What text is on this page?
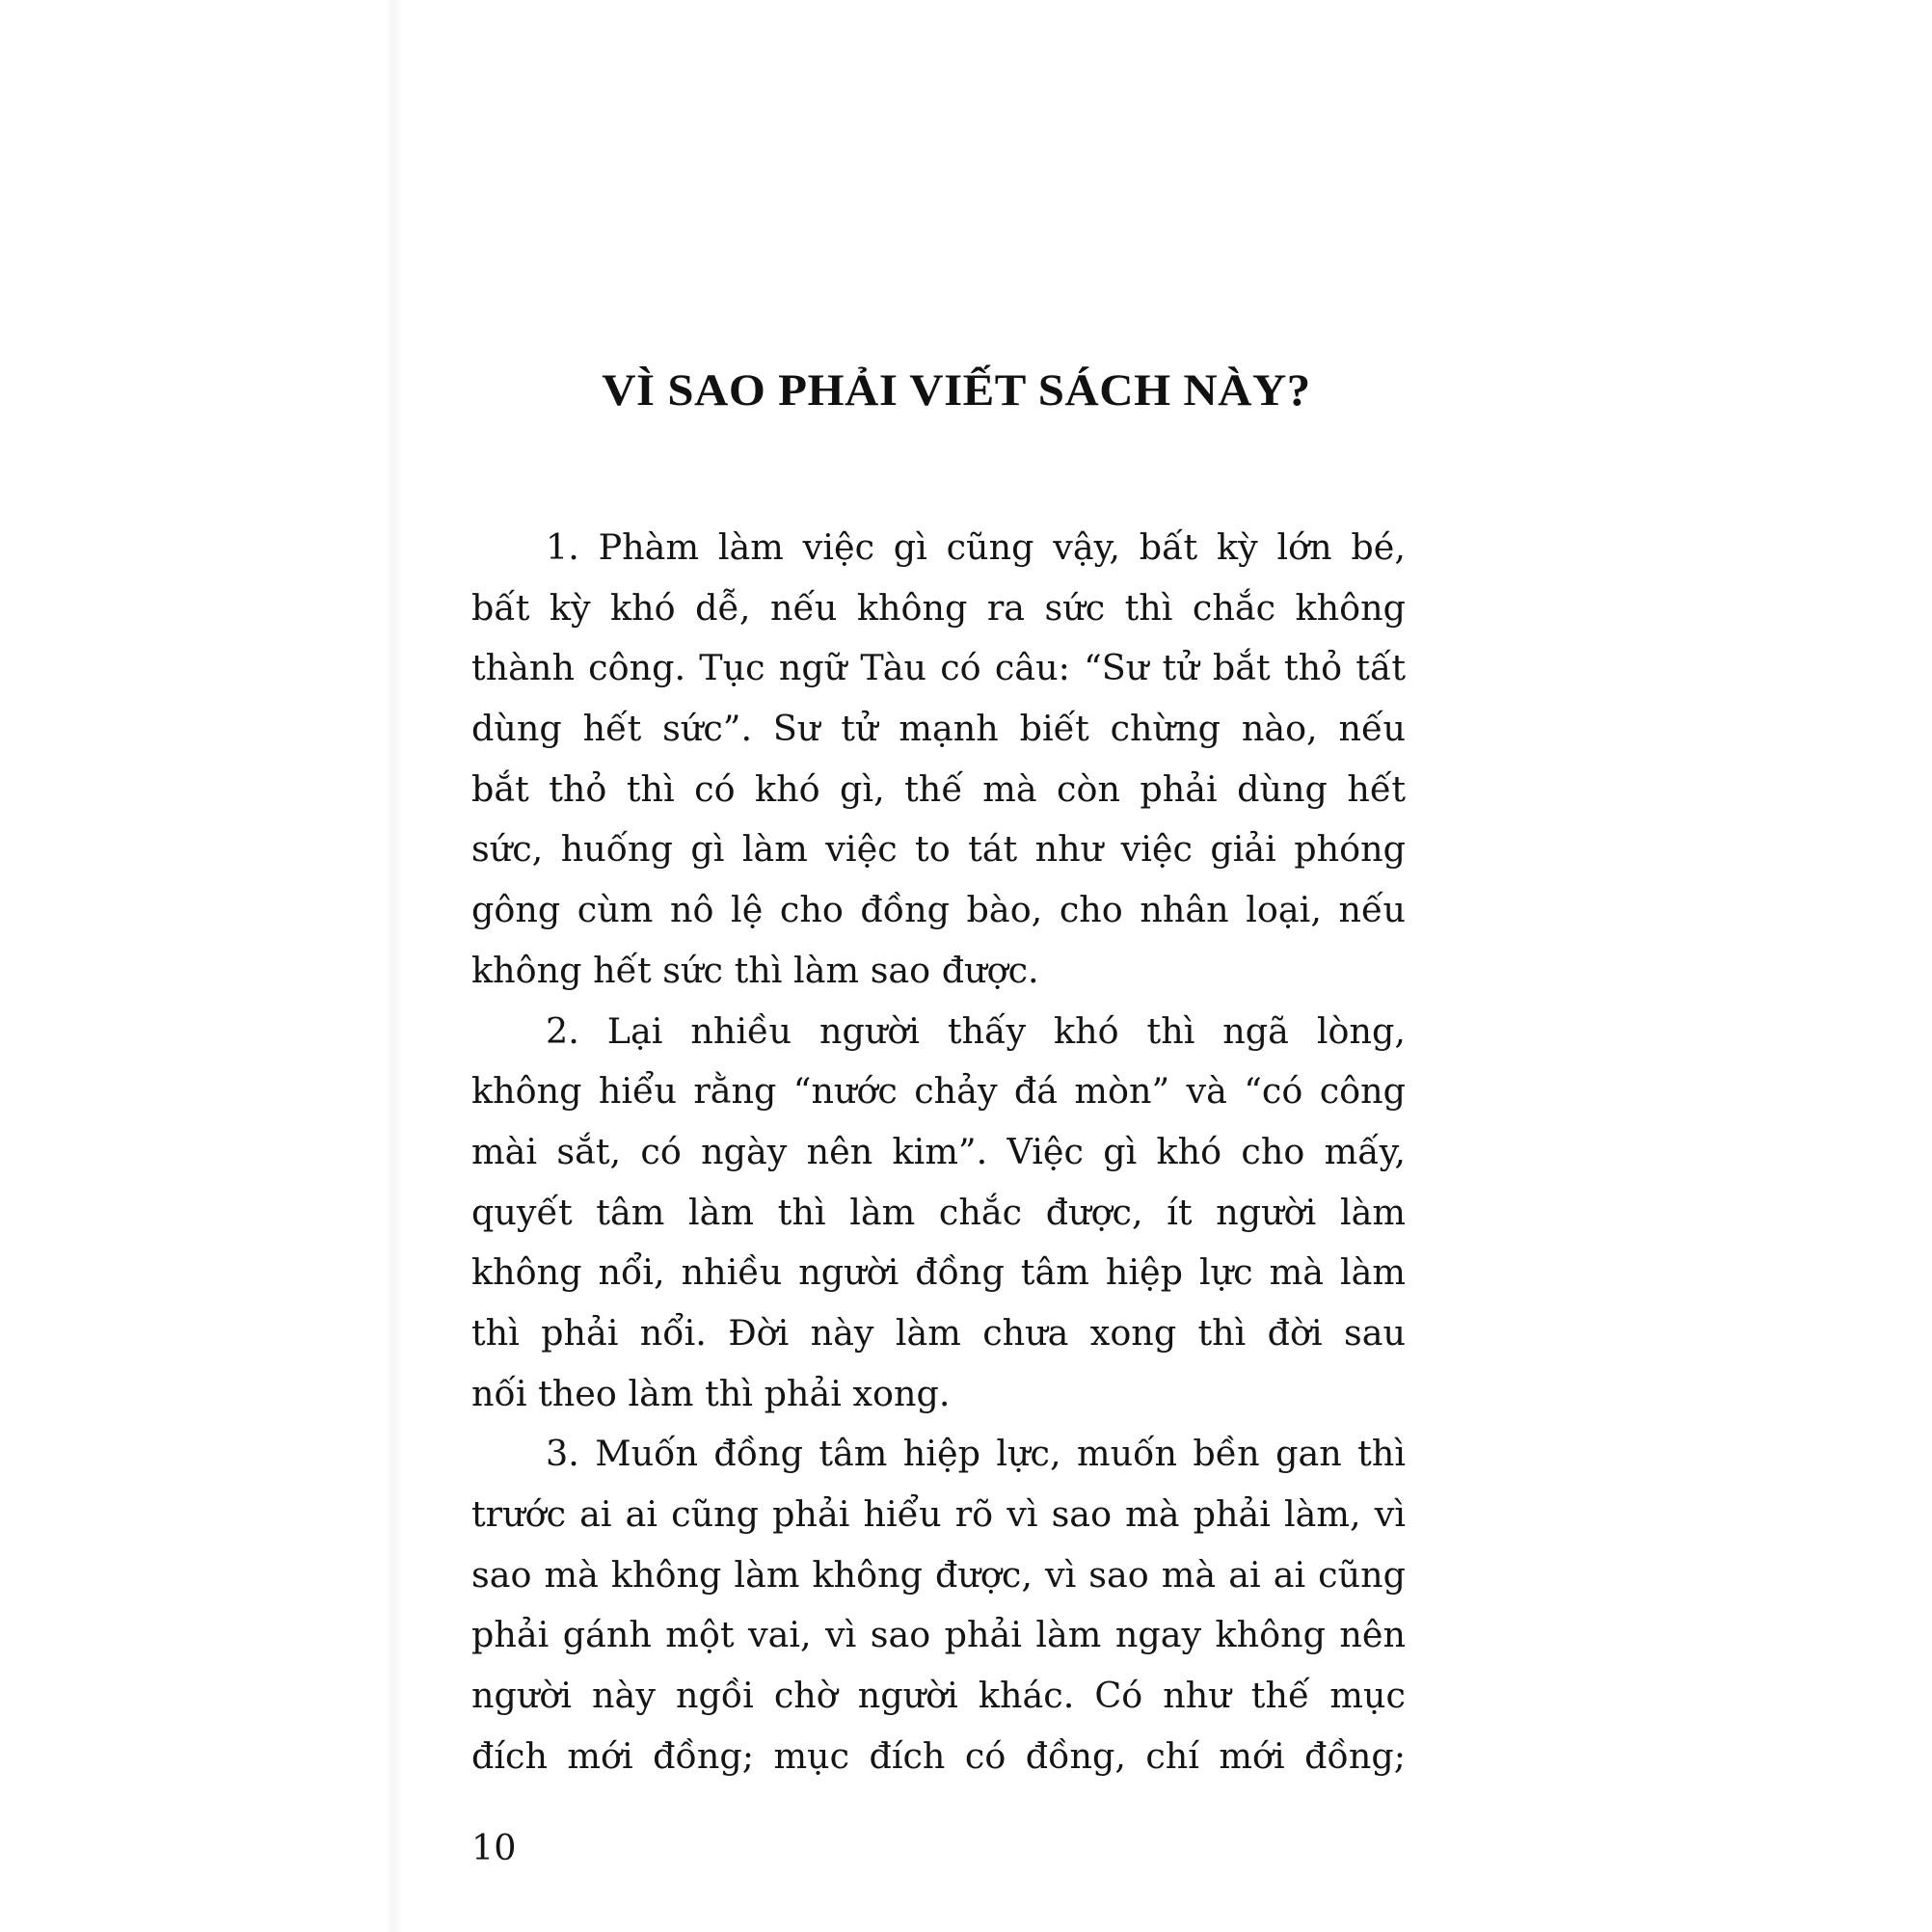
VÌ SAO PHẢI VIẾT SÁCH NÀY?
1. Phàm làm việc gì cũng vậy, bất kỳ lớn bé,
bất kỳ khó dễ, nếu không ra sức thì chắc không
thành công. Tục ngữ Tàu có câu: “Sư tử bắt thỏ tất
dùng hết sức”. Sư tử mạnh biết chừng nào, nếu
bắt thỏ thì có khó gì, thế mà còn phải dùng hết
sức, huống gì làm việc to tát như việc giải phóng
gông cùm nô lệ cho đồng bào, cho nhân loại, nếu
không hết sức thì làm sao được.
2. Lại nhiều người thấy khó thì ngã lòng,
không hiểu rằng “nước chảy đá mòn” và “có công
mài sắt, có ngày nên kim”. Việc gì khó cho mấy,
quyết tâm làm thì làm chắc được, ít người làm
không nổi, nhiều người đồng tâm hiệp lực mà làm
thì phải nổi. Đời này làm chưa xong thì đời sau
nối theo làm thì phải xong.
3. Muốn đồng tâm hiệp lực, muốn bền gan thì
trước ai ai cũng phải hiểu rõ vì sao mà phải làm, vì
sao mà không làm không được, vì sao mà ai ai cũng
phải gánh một vai, vì sao phải làm ngay không nên
người này ngồi chờ người khác. Có như thế mục
đích mới đồng; mục đích có đồng, chí mới đồng;
10
